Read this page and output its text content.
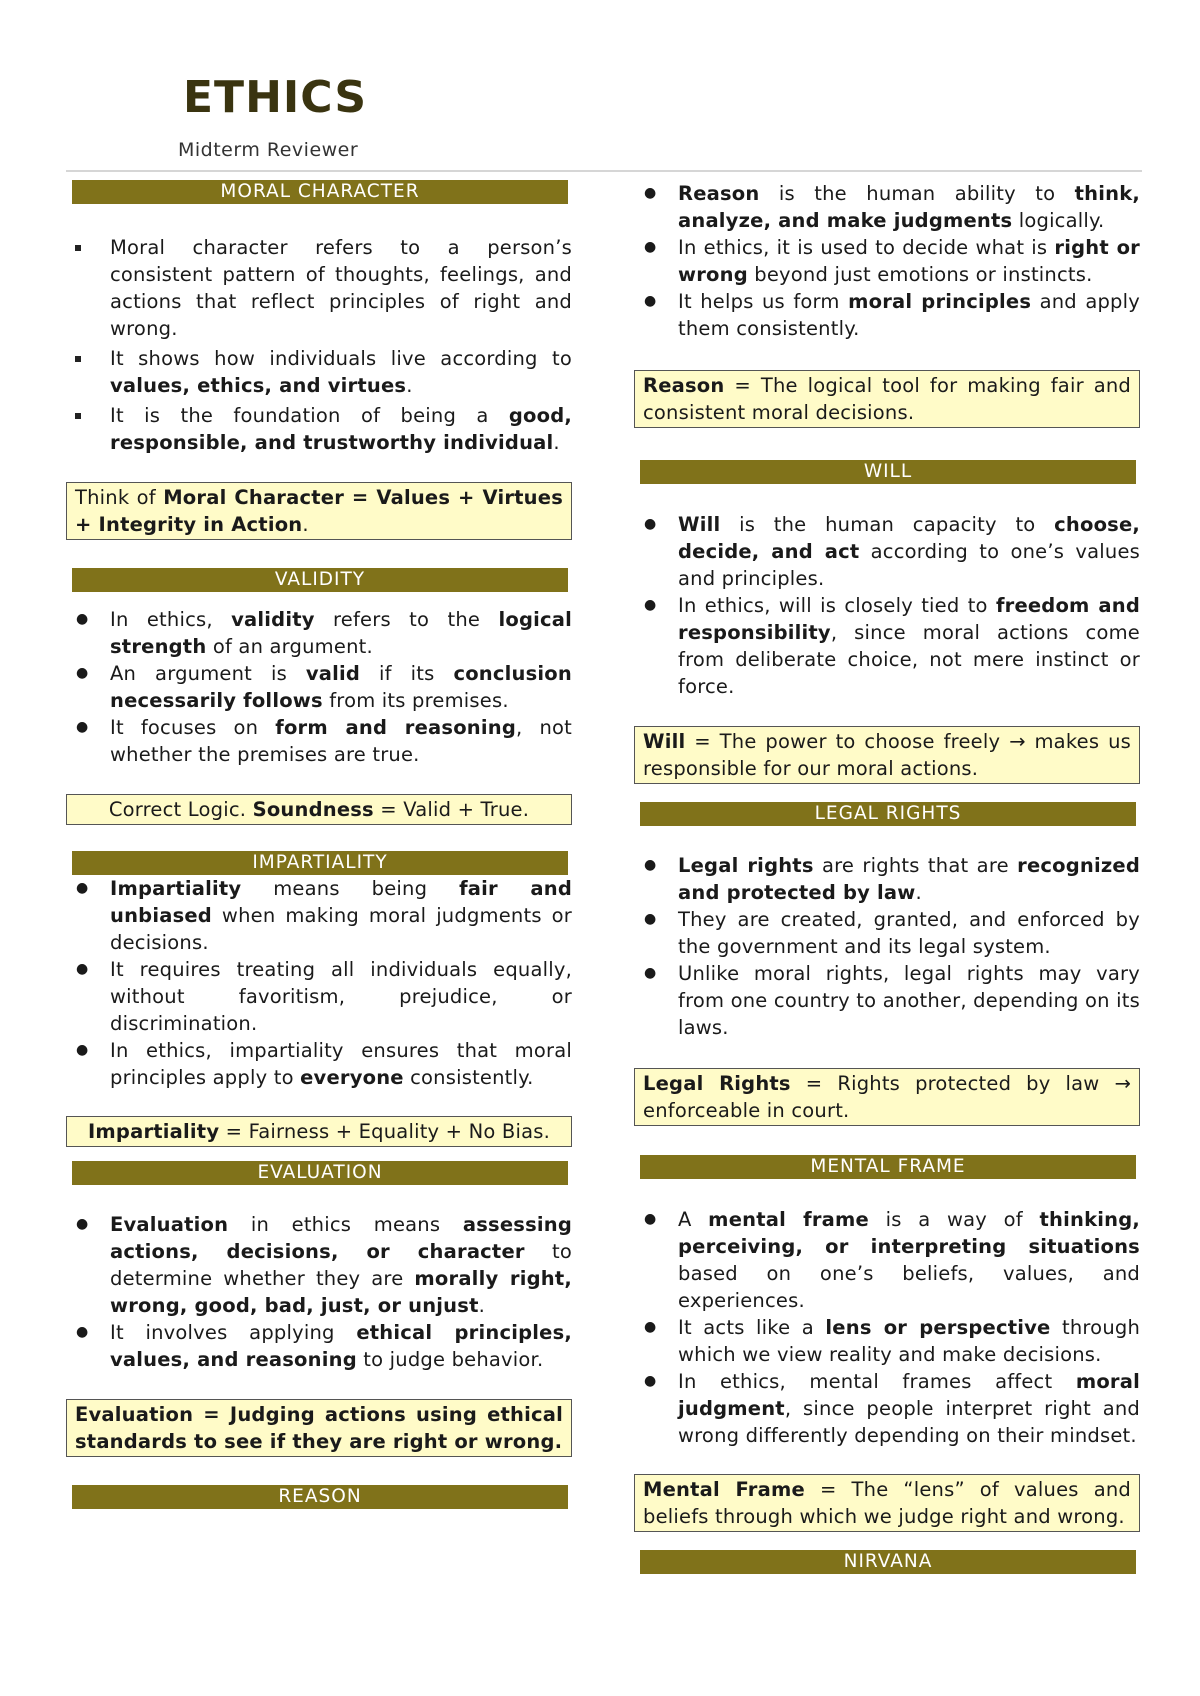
ETHICS
Midterm Reviewer
MORAL CHARACTER
Moral character refers to a person’s consistent pattern of thoughts, feelings, and actions that reflect principles of right and wrong.
It shows how individuals live according to values, ethics, and virtues.
It is the foundation of being a good, responsible, and trustworthy individual.
Think of Moral Character = Values + Virtues + Integrity in Action.
VALIDITY
● In ethics, validity refers to the logical strength of an argument.
● An argument is valid if its conclusion necessarily follows from its premises.
● It focuses on form and reasoning, not whether the premises are true.
Correct Logic. Soundness = Valid + True.
IMPARTIALITY
● Impartiality means being fair and unbiased when making moral judgments or decisions.
● It requires treating all individuals equally, without favoritism, prejudice, or discrimination.
● In ethics, impartiality ensures that moral principles apply to everyone consistently.
Impartiality = Fairness + Equality + No Bias.
EVALUATION
● Evaluation in ethics means assessing actions, decisions, or character to determine whether they are morally right, wrong, good, bad, just, or unjust.
● It involves applying ethical principles, values, and reasoning to judge behavior.
Evaluation = Judging actions using ethical standards to see if they are right or wrong.
REASON
● Reason is the human ability to think, analyze, and make judgments logically.
● In ethics, it is used to decide what is right or wrong beyond just emotions or instincts.
● It helps us form moral principles and apply them consistently.
Reason = The logical tool for making fair and consistent moral decisions.
WILL
● Will is the human capacity to choose, decide, and act according to one’s values and principles.
● In ethics, will is closely tied to freedom and responsibility, since moral actions come from deliberate choice, not mere instinct or force.
Will = The power to choose freely → makes us responsible for our moral actions.
LEGAL RIGHTS
● Legal rights are rights that are recognized and protected by law.
● They are created, granted, and enforced by the government and its legal system.
● Unlike moral rights, legal rights may vary from one country to another, depending on its laws.
Legal Rights = Rights protected by law → enforceable in court.
MENTAL FRAME
● A mental frame is a way of thinking, perceiving, or interpreting situations based on one’s beliefs, values, and experiences.
● It acts like a lens or perspective through which we view reality and make decisions.
● In ethics, mental frames affect moral judgment, since people interpret right and wrong differently depending on their mindset.
Mental Frame = The “lens” of values and beliefs through which we judge right and wrong.
NIRVANA
